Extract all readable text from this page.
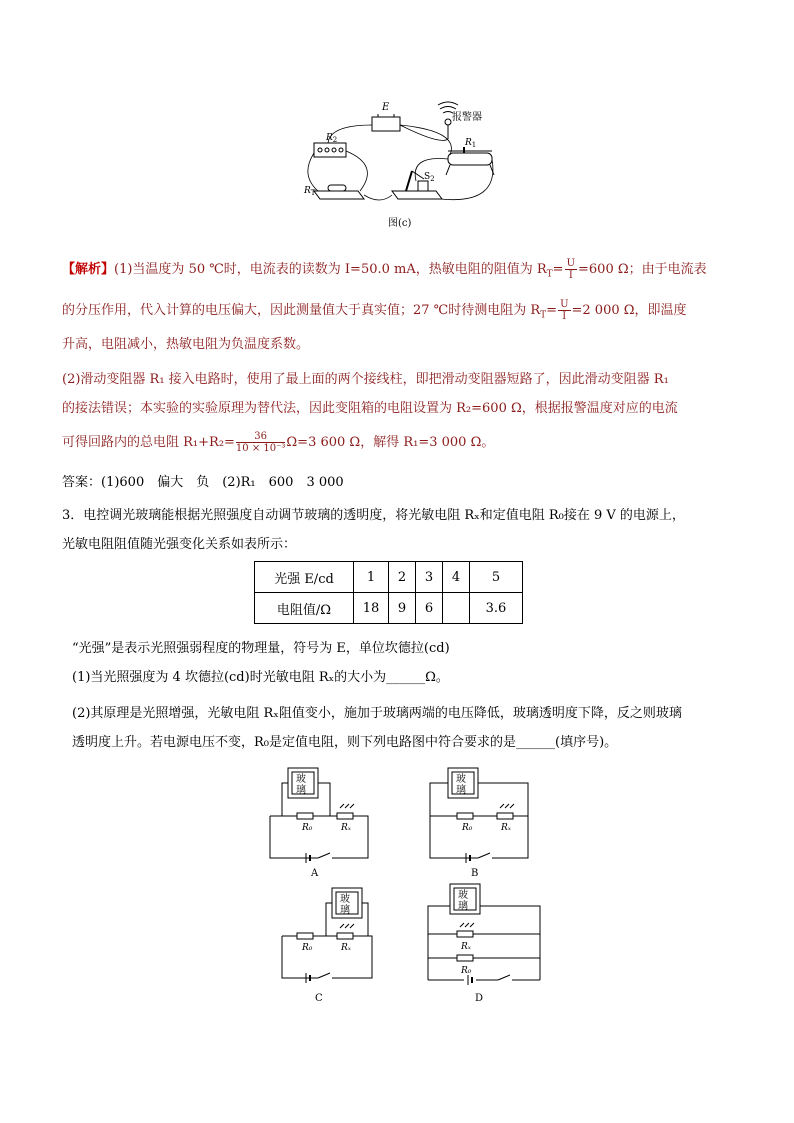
E
报警器
$R_2$	$R_1$
$R_T$
$S_2$
图(c)
【解析】(1)当温度为 50 ℃时，电流表的读数为 I=50.0 mA，热敏电阻的阻值为 $R_T= \frac{U}{I} =600$ Ω；由于电流表
的分压作用，代入计算的电压偏大，因此测量值大于真实值；27 ℃时待测电阻为 $R_T= \frac{U}{I} =2$ 000 Ω，即温度
升高，电阻减小，热敏电阻为负温度系数。
(2)滑动变阻器 R₁ 接入电路时，使用了最上面的两个接线柱，即把滑动变阻器短路了，因此滑动变阻器 R₁
的接法错误；本实验的实验原理为替代法，因此变阻箱的电阻设置为 R₂=600 Ω，根据报警温度对应的电流
可得回路内的总电阻 $R_1+R_2= \frac{36}{\text{10 × 10⁻³}} \Omega=3$ 600 Ω，解得 R₁=3 000 Ω。
答案：(1)600　偏大　负　(2)R₁　600　3 000
3．电控调光玻璃能根据光照强度自动调节玻璃的透明度，将光敏电阻 Rₓ和定值电阻 R₀接在 9 V 的电源上，
光敏电阻阻值随光强变化关系如表所示：
光强 E/cd	1	2	3	4	5
电阻值/Ω	18	9	6		3.6
“光强”是表示光照强弱程度的物理量，符号为 E，单位坎德拉(cd)
(1)当光照强度为 4 坎德拉(cd)时光敏电阻 Rₓ的大小为______Ω。
(2)其原理是光照增强，光敏电阻 Rₓ阻值变小，施加于玻璃两端的电压降低，玻璃透明度下降，反之则玻璃
透明度上升。若电源电压不变，R₀是定值电阻，则下列电路图中符合要求的是______(填序号)。
玻
璃
R₀	Rₓ
A
玻
璃
R₀	Rₓ
B
玻
璃
R₀	Rₓ
C
玻
璃
Rₓ
R₀
D
